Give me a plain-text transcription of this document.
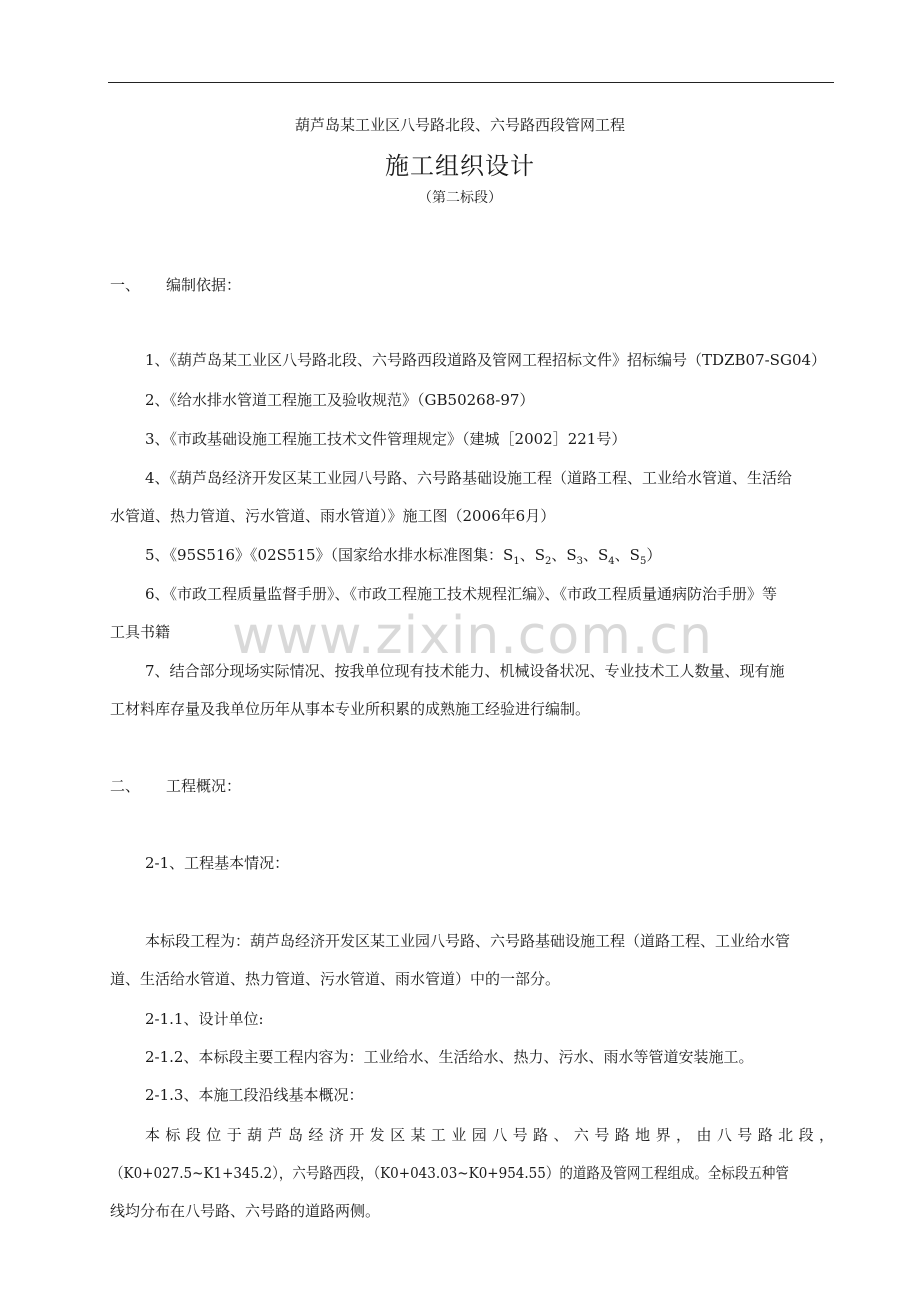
葫芦岛某工业区八号路北段、六号路西段管网工程
施工组织设计
（第二标段）
一、 编制依据：
1、《葫芦岛某工业区八号路北段、六号路西段道路及管网工程招标文件》招标编号（TDZB07-SG04）
2、《给水排水管道工程施工及验收规范》（GB50268-97）
3、《市政基础设施工程施工技术文件管理规定》（建城［2002］221号）
4、《葫芦岛经济开发区某工业园八号路、六号路基础设施工程（道路工程、工业给水管道、生活给
水管道、热力管道、污水管道、雨水管道）》施工图（2006年6月）
5、《95S516》《02S515》（国家给水排水标准图集：$S_1$、$S_2$、$S_3$、$S_4$、$S_5$）
6、《市政工程质量监督手册》、《市政工程施工技术规程汇编》、《市政工程质量通病防治手册》等
工具书籍
7、结合部分现场实际情况、按我单位现有技术能力、机械设备状况、专业技术工人数量、现有施
工材料库存量及我单位历年从事本专业所积累的成熟施工经验进行编制。
www.zixin.com.cn
二、 工程概况：
2-1、工程基本情况：
本标段工程为：葫芦岛经济开发区某工业园八号路、六号路基础设施工程（道路工程、工业给水管
道、生活给水管道、热力管道、污水管道、雨水管道）中的一部分。
2-1.1、设计单位:
2-1.2、本标段主要工程内容为：工业给水、生活给水、热力、污水、雨水等管道安装施工。
2-1.3、本施工段沿线基本概况：
本标段位于葫芦岛经济开发区某工业园八号路、六号路地界，由八号路北段，
（K0+027.5~K1+345.2），六号路西段，（K0+043.03~K0+954.55）的道路及管网工程组成。全标段五种管
线均分布在八号路、六号路的道路两侧。
